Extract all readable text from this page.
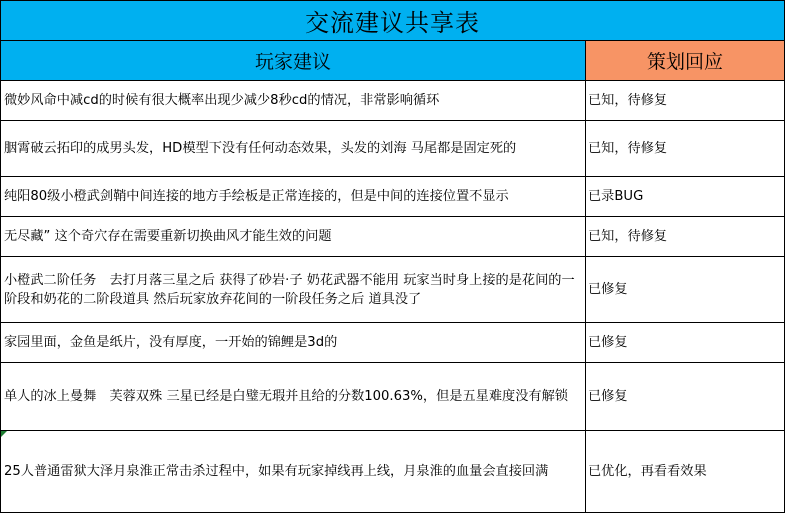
交流建议共享表	
玩家建议	策划回应
微妙风命中减cd的时候有很大概率出现少减少8秒cd的情况，非常影响循环	已知，待修复
胭霄破云拓印的成男头发，HD模型下没有任何动态效果，头发的刘海 马尾都是固定死的	已知，待修复
纯阳80级小橙武剑鞘中间连接的地方手绘板是正常连接的，但是中间的连接位置不显示	已录BUG
无尽藏” 这个奇穴存在需要重新切换曲风才能生效的问题	已知，待修复
小橙武二阶任务　去打月落三星之后 获得了砂岩·子 奶花武器不能用 玩家当时身上接的是花间的一阶段和奶花的二阶段道具 然后玩家放弃花间的一阶段任务之后 道具没了	已修复
家园里面，金鱼是纸片，没有厚度，一开始的锦鲤是3d的	已修复
单人的冰上曼舞　芙蓉双殊 三星已经是白璧无瑕并且给的分数100.63%，但是五星难度没有解锁	已修复

25人普通雷狱大泽月泉淮正常击杀过程中，如果有玩家掉线再上线，月泉淮的血量会直接回满	已优化，再看看效果
